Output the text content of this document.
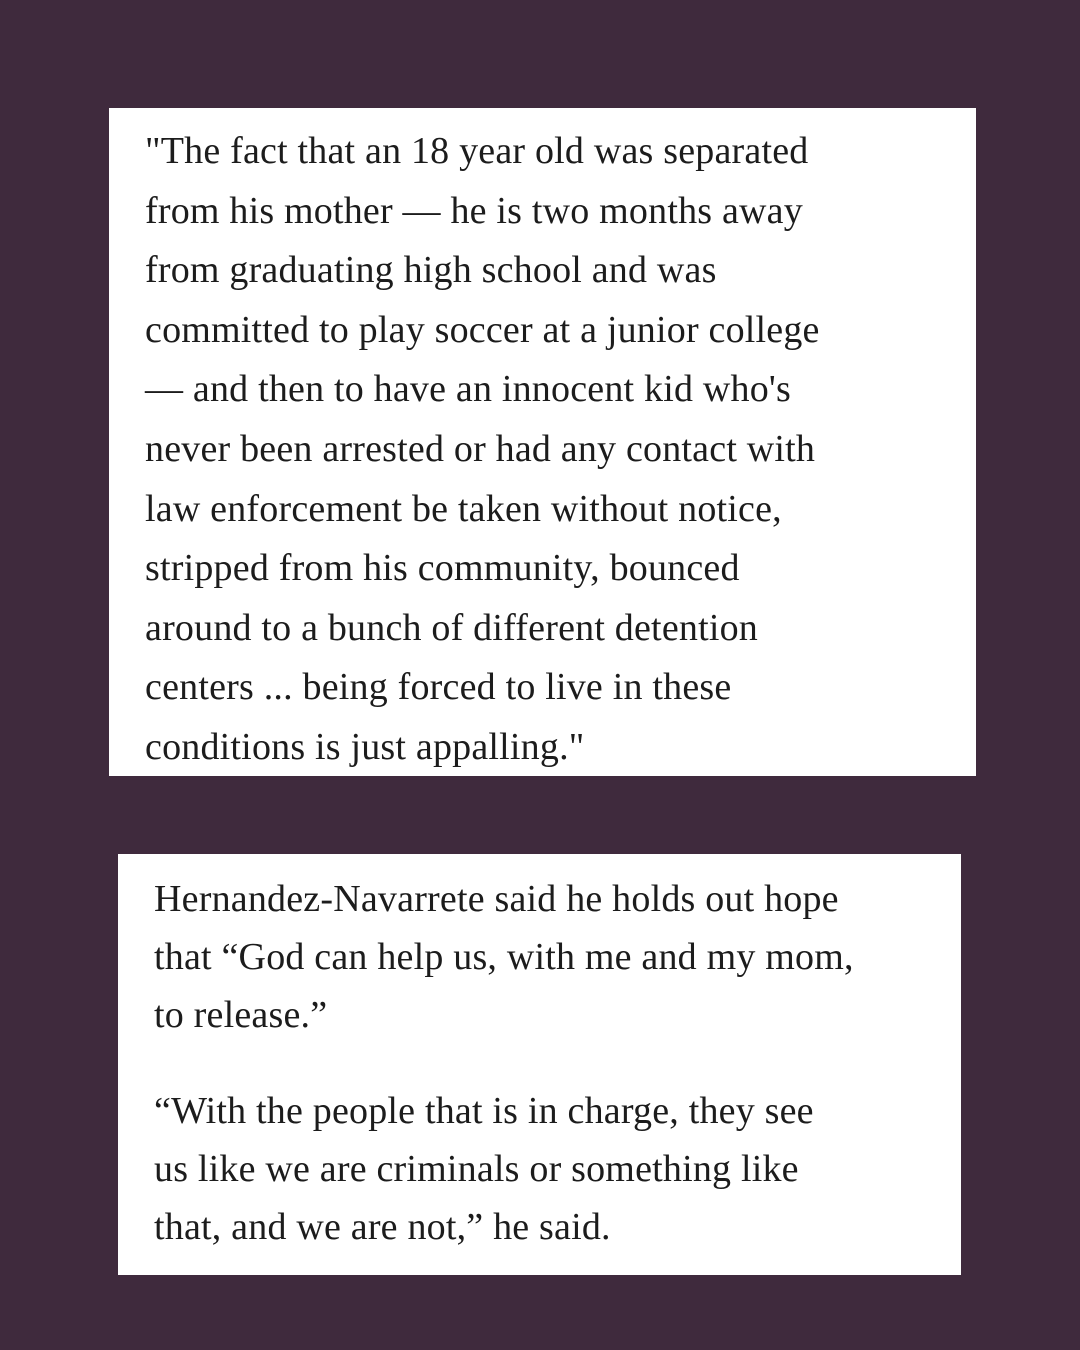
"The fact that an 18 year old was separated
from his mother — he is two months away
from graduating high school and was
committed to play soccer at a junior college
— and then to have an innocent kid who's
never been arrested or had any contact with
law enforcement be taken without notice,
stripped from his community, bounced
around to a bunch of different detention
centers ... being forced to live in these
conditions is just appalling."
Hernandez-Navarrete said he holds out hope
that “God can help us, with me and my mom,
to release.”
“With the people that is in charge, they see
us like we are criminals or something like
that, and we are not,” he said.
